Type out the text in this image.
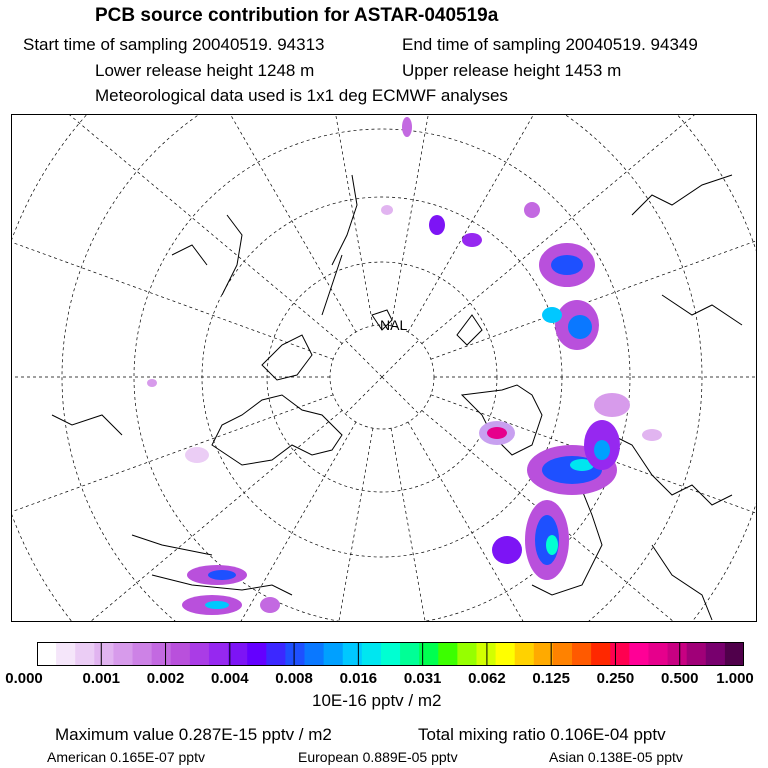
PCB source contribution for ASTAR-040519a
Start time of sampling 20040519. 94313	End time of sampling 20040519. 94349
Lower release height 1248 m	Upper release height 1453 m
Meteorological data used is 1x1 deg ECMWF analyses
NAL
0.000	0.001 0.002 0.004 0.008 0.016 0.031 0.062 0.125 0.250 0.500 1.000
10E-16 pptv / m2
Maximum value 0.287E-15 pptv / m2	Total mixing ratio 0.106E-04 pptv
American 0.165E-07 pptv	European 0.889E-05 pptv	Asian 0.138E-05 pptv
